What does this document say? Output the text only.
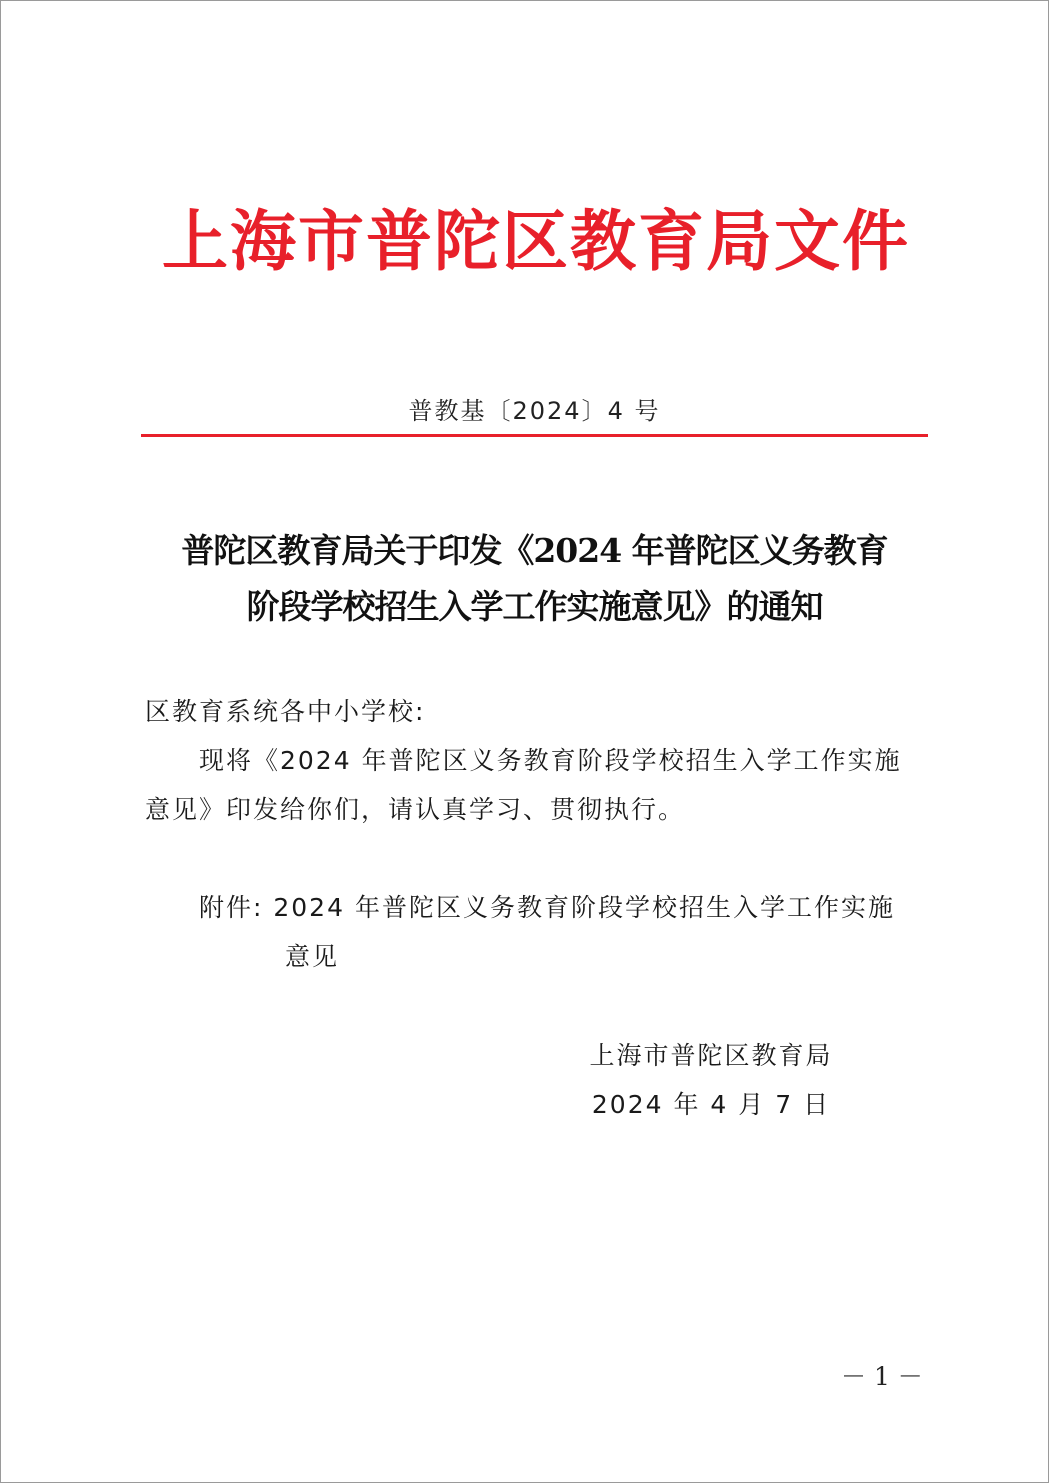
上海市普陀区教育局文件
普教基〔2024〕4 号
普陀区教育局关于印发《2024 年普陀区义务教育
阶段学校招生入学工作实施意见》的通知
区教育系统各中小学校:
现将《2024 年普陀区义务教育阶段学校招生入学工作实施
意见》印发给你们，请认真学习、贯彻执行。
附件: 2024 年普陀区义务教育阶段学校招生入学工作实施
意见
上海市普陀区教育局
2024 年 4 月 7 日
－ 1 －
